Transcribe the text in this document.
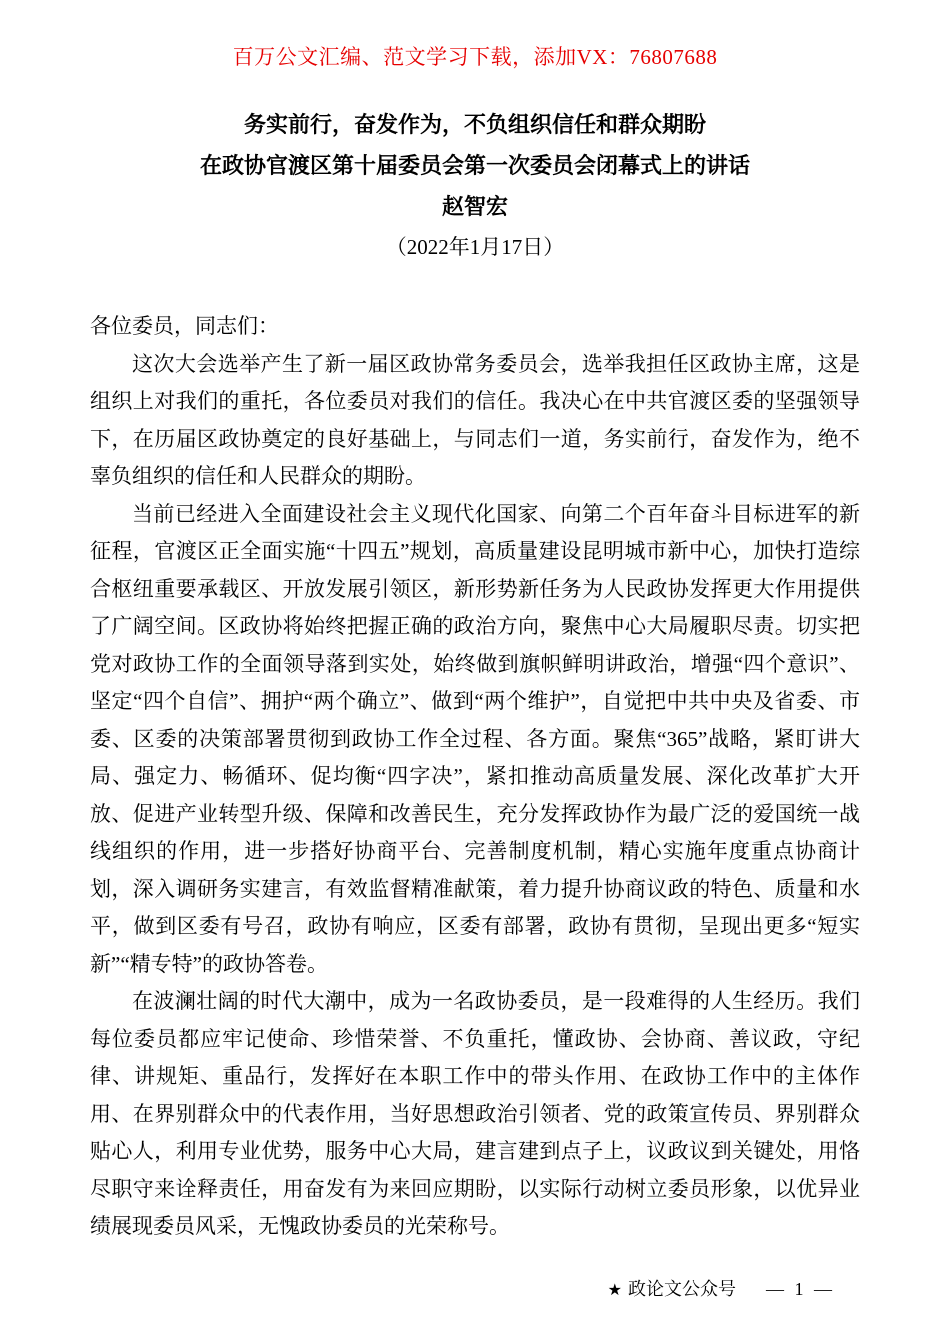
百万公文汇编、范文学习下载，添加VX：76807688
务实前行，奋发作为，不负组织信任和群众期盼
在政协官渡区第十届委员会第一次委员会闭幕式上的讲话
赵智宏
（2022年1月17日）

各位委员，同志们：

这次大会选举产生了新一届区政协常务委员会，选举我担任区政协主席，这是组织上对我们的重托，各位委员对我们的信任。我决心在中共官渡区委的坚强领导下，在历届区政协奠定的良好基础上，与同志们一道，务实前行，奋发作为，绝不辜负组织的信任和人民群众的期盼。

当前已经进入全面建设社会主义现代化国家、向第二个百年奋斗目标进军的新征程，官渡区正全面实施“十四五”规划，高质量建设昆明城市新中心，加快打造综合枢纽重要承载区、开放发展引领区，新形势新任务为人民政协发挥更大作用提供了广阔空间。区政协将始终把握正确的政治方向，聚焦中心大局履职尽责。切实把党对政协工作的全面领导落到实处，始终做到旗帜鲜明讲政治，增强“四个意识”、坚定“四个自信”、拥护“两个确立”、做到“两个维护”，自觉把中共中央及省委、市委、区委的决策部署贯彻到政协工作全过程、各方面。聚焦“365”战略，紧盯讲大局、强定力、畅循环、促均衡“四字决”，紧扣推动高质量发展、深化改革扩大开放、促进产业转型升级、保障和改善民生，充分发挥政协作为最广泛的爱国统一战线组织的作用，进一步搭好协商平台、完善制度机制，精心实施年度重点协商计划，深入调研务实建言，有效监督精准献策，着力提升协商议政的特色、质量和水平，做到区委有号召，政协有响应，区委有部署，政协有贯彻，呈现出更多“短实新”“精专特”的政协答卷。

在波澜壮阔的时代大潮中，成为一名政协委员，是一段难得的人生经历。我们每位委员都应牢记使命、珍惜荣誉、不负重托，懂政协、会协商、善议政，守纪律、讲规矩、重品行，发挥好在本职工作中的带头作用、在政协工作中的主体作用、在界别群众中的代表作用，当好思想政治引领者、党的政策宣传员、界别群众贴心人，利用专业优势，服务中心大局，建言建到点子上，议政议到关键处，用恪尽职守来诠释责任，用奋发有为来回应期盼，以实际行动树立委员形象，以优异业绩展现委员风采，无愧政协委员的光荣称号。

★ 政论文公众号 — 1 —
